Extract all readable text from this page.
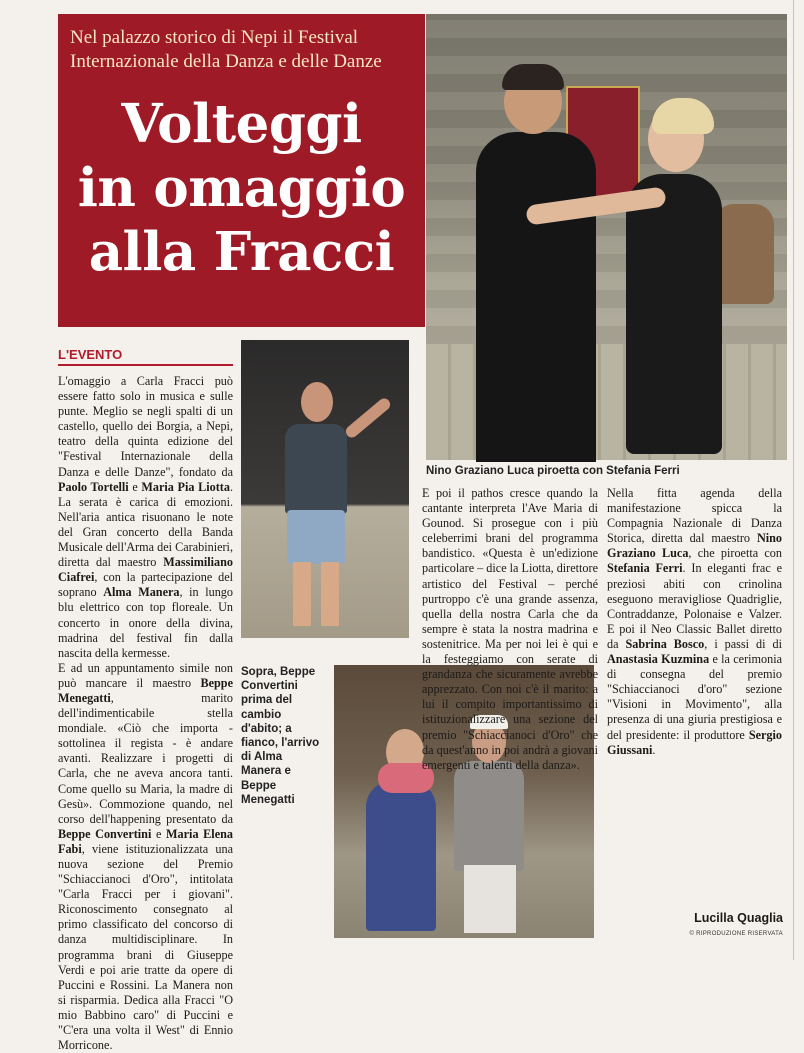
Nel palazzo storico di Nepi il Festival Internazionale della Danza e delle Danze
Volteggi
in omaggio
alla Fracci
Nino Graziano Luca piroetta con Stefania Ferri
L'EVENTO
L'omaggio a Carla Fracci può essere fatto solo in musica e sulle punte. Meglio se negli spalti di un castello, quello dei Borgia, a Nepi, teatro della quinta edizione del "Festival Internazionale della Danza e delle Danze", fondato da Paolo Tortelli e Maria Pia Liotta. La serata è carica di emozioni. Nell'aria antica risuonano le note del Gran concerto della Banda Musicale dell'Arma dei Carabinieri, diretta dal maestro Massimiliano Ciafrei, con la partecipazione del soprano Alma Manera, in lungo blu elettrico con top floreale. Un concerto in onore della divina, madrina del festival fin dalla nascita della kermesse.
E ad un appuntamento simile non può mancare il maestro Beppe Menegatti, marito dell'indimenticabile stella mondiale. «Ciò che importa - sottolinea il regista - è andare avanti. Realizzare i progetti di Carla, che ne aveva ancora tanti. Come quello su Maria, la madre di Gesù». Commozione quando, nel corso dell'happening presentato da Beppe Convertini e Maria Elena Fabi, viene istituzionalizzata una nuova sezione del Premio "Schiaccianoci d'Oro", intitolata "Carla Fracci per i giovani". Riconoscimento consegnato al primo classificato del concorso di danza multidisciplinare. In programma brani di Giuseppe Verdi e poi arie tratte da opere di Puccini e Rossini. La Manera non si risparmia. Dedica alla Fracci "O mio Babbino caro" di Puccini e "C'era una volta il West" di Ennio Morricone.
Sopra, Beppe Convertini prima del cambio d'abito; a fianco, l'arrivo di Alma Manera e Beppe Menegatti
E poi il pathos cresce quando la cantante interpreta l'Ave Maria di Gounod. Si prosegue con i più celeberrimi brani del programma bandistico. «Questa è un'edizione particolare – dice la Liotta, direttore artistico del Festival – perché purtroppo c'è una grande assenza, quella della nostra Carla che da sempre è stata la nostra madrina e sostenitrice. Ma per noi lei è qui e la festeggiamo con serate di grandanza che sicuramente avrebbe apprezzato. Con noi c'è il marito: a lui il compito importantissimo di istituzionalizzare una sezione del premio "Schiaccianoci d'Oro" che da quest'anno in poi andrà a giovani emergenti e talenti della danza».
Nella fitta agenda della manifestazione spicca la Compagnia Nazionale di Danza Storica, diretta dal maestro Nino Graziano Luca, che piroetta con Stefania Ferri. In eleganti frac e preziosi abiti con crinolina eseguono meravigliose Quadriglie, Contraddanze, Polonaise e Valzer. E poi il Neo Classic Ballet diretto da Sabrina Bosco, i passi di di Anastasia Kuzmina e la cerimonia di consegna del premio "Schiaccianoci d'oro" sezione "Visioni in Movimento", alla presenza di una giuria prestigiosa e del presidente: il produttore Sergio Giussani.
Lucilla Quaglia
© RIPRODUZIONE RISERVATA
